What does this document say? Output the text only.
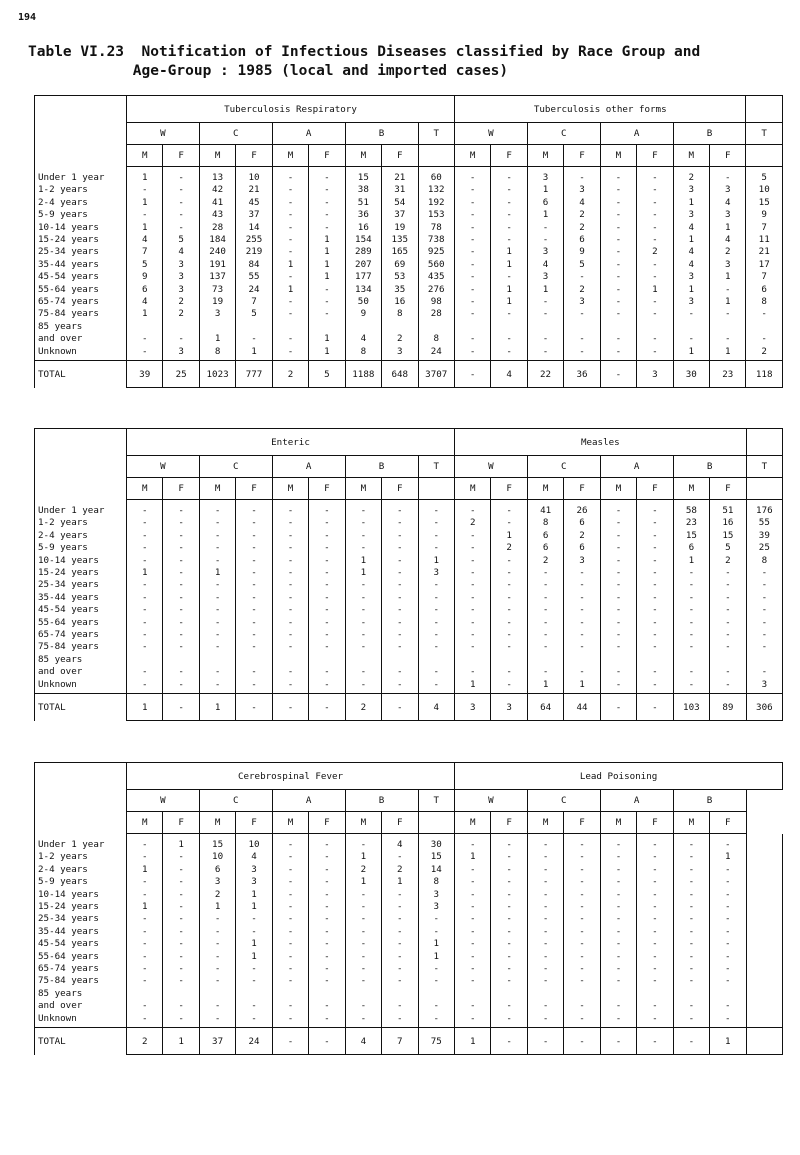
194
Table VI.23  Notification of Infectious Diseases classified by Race Group and
Age-Group : 1985 (local and imported cases)
	Tuberculosis Respiratory									Tuberculosis other forms								
	W		C		A		B		T	W		C		A		B		T
	M	F	M	F	M	F	M	F		M	F	M	F	M	F	M	F	
Under 1 year	1	-	13	10	-	-	15	21	60	-	-	3	-	-	-	2	-	5
1-2 years	-	-	42	21	-	-	38	31	132	-	-	1	3	-	-	3	3	10
2-4 years	1	-	41	45	-	-	51	54	192	-	-	6	4	-	-	1	4	15
5-9 years	-	-	43	37	-	-	36	37	153	-	-	1	2	-	-	3	3	9
10-14 years	1	-	28	14	-	-	16	19	78	-	-	-	2	-	-	4	1	7
15-24 years	4	5	184	255	-	1	154	135	738	-	-	-	6	-	-	1	4	11
25-34 years	7	4	240	219	-	1	289	165	925	-	1	3	9	-	2	4	2	21
35-44 years	5	3	191	84	1	1	207	69	560	-	1	4	5	-	-	4	3	17
45-54 years	9	3	137	55	-	1	177	53	435	-	-	3	-	-	-	3	1	7
55-64 years	6	3	73	24	1	-	134	35	276	-	1	1	2	-	1	1	-	6
65-74 years	4	2	19	7	-	-	50	16	98	-	1	-	3	-	-	3	1	8
75-84 years	1	2	3	5	-	-	9	8	28	-	-	-	-	-	-	-	-	-
85 years																		
and over	-	-	1	-	-	1	4	2	8	-	-	-	-	-	-	-	-	-
Unknown	-	3	8	1	-	1	8	3	24	-	-	-	-	-	-	1	1	2
TOTAL	39	25	1023	777	2	5	1188	648	3707	-	4	22	36	-	3	30	23	118
	Enteric									Measles								
	W		C		A		B		T	W		C		A		B		T
	M	F	M	F	M	F	M	F		M	F	M	F	M	F	M	F	
Under 1 year	-	-	-	-	-	-	-	-	-	-	-	41	26	-	-	58	51	176
1-2 years	-	-	-	-	-	-	-	-	-	2	-	8	6	-	-	23	16	55
2-4 years	-	-	-	-	-	-	-	-	-	-	1	6	2	-	-	15	15	39
5-9 years	-	-	-	-	-	-	-	-	-	-	2	6	6	-	-	6	5	25
10-14 years	-	-	-	-	-	-	1	-	1	-	-	2	3	-	-	1	2	8
15-24 years	1	-	1	-	-	-	1	-	3	-	-	-	-	-	-	-	-	-
25-34 years	-	-	-	-	-	-	-	-	-	-	-	-	-	-	-	-	-	-
35-44 years	-	-	-	-	-	-	-	-	-	-	-	-	-	-	-	-	-	-
45-54 years	-	-	-	-	-	-	-	-	-	-	-	-	-	-	-	-	-	-
55-64 years	-	-	-	-	-	-	-	-	-	-	-	-	-	-	-	-	-	-
65-74 years	-	-	-	-	-	-	-	-	-	-	-	-	-	-	-	-	-	-
75-84 years	-	-	-	-	-	-	-	-	-	-	-	-	-	-	-	-	-	-
85 years																		
and over	-	-	-	-	-	-	-	-	-	-	-	-	-	-	-	-	-	-
Unknown	-	-	-	-	-	-	-	-	-	1	-	1	1	-	-	-	-	3
TOTAL	1	-	1	-	-	-	2	-	4	3	3	64	44	-	-	103	89	306
	Cerebrospinal Fever									Lead Poisoning								
	W		C		A		B		T	W		C		A		B		
	M	F	M	F	M	F	M	F		M	F	M	F	M	F	M	F	
Under 1 year	-	1	15	10	-	-	-	4	30	-	-	-	-	-	-	-	-	
1-2 years	-	-	10	4	-	-	1	-	15	1	-	-	-	-	-	-	1	
2-4 years	1	-	6	3	-	-	2	2	14	-	-	-	-	-	-	-	-	
5-9 years	-	-	3	3	-	-	1	1	8	-	-	-	-	-	-	-	-	
10-14 years	-	-	2	1	-	-	-	-	3	-	-	-	-	-	-	-	-	
15-24 years	1	-	1	1	-	-	-	-	3	-	-	-	-	-	-	-	-	
25-34 years	-	-	-	-	-	-	-	-	-	-	-	-	-	-	-	-	-	
35-44 years	-	-	-	-	-	-	-	-	-	-	-	-	-	-	-	-	-	
45-54 years	-	-	-	1	-	-	-	-	1	-	-	-	-	-	-	-	-	
55-64 years	-	-	-	1	-	-	-	-	1	-	-	-	-	-	-	-	-	
65-74 years	-	-	-	-	-	-	-	-	-	-	-	-	-	-	-	-	-	
75-84 years	-	-	-	-	-	-	-	-	-	-	-	-	-	-	-	-	-	
85 years																		
and over	-	-	-	-	-	-	-	-	-	-	-	-	-	-	-	-	-	
Unknown	-	-	-	-	-	-	-	-	-	-	-	-	-	-	-	-	-	
TOTAL	2	1	37	24	-	-	4	7	75	1	-	-	-	-	-	-	1	
